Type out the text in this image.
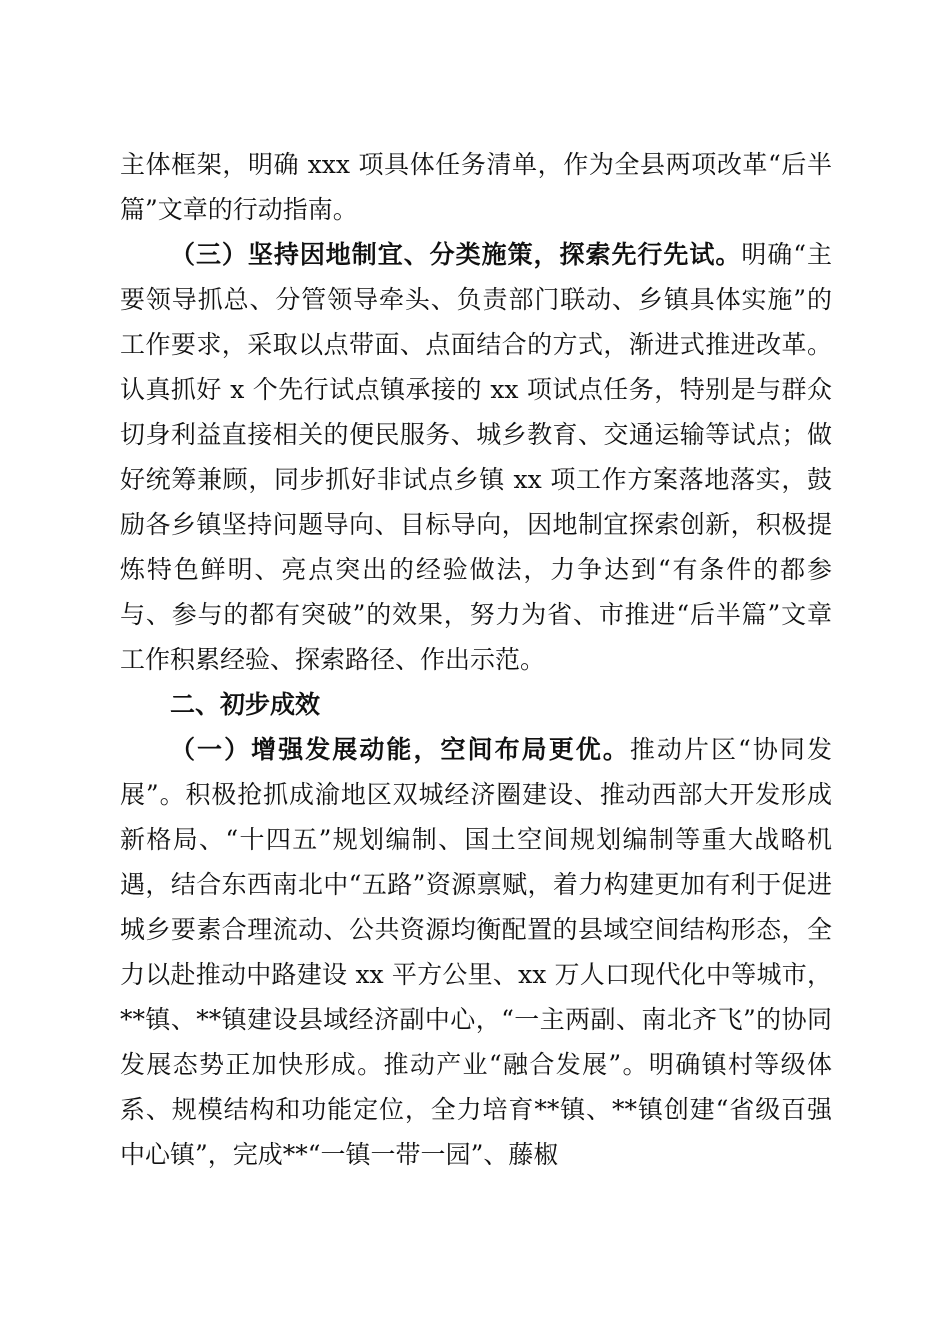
主体框架，明确 xxx 项具体任务清单，作为全县两项改革“后半篇”文章的行动指南。

（三）坚持因地制宜、分类施策，探索先行先试。明确“主要领导抓总、分管领导牵头、负责部门联动、乡镇具体实施”的工作要求，采取以点带面、点面结合的方式，渐进式推进改革。认真抓好 x 个先行试点镇承接的 xx 项试点任务，特别是与群众切身利益直接相关的便民服务、城乡教育、交通运输等试点；做好统筹兼顾，同步抓好非试点乡镇 xx 项工作方案落地落实，鼓励各乡镇坚持问题导向、目标导向，因地制宜探索创新，积极提炼特色鲜明、亮点突出的经验做法，力争达到“有条件的都参与、参与的都有突破”的效果，努力为省、市推进“后半篇”文章工作积累经验、探索路径、作出示范。

二、初步成效

（一）增强发展动能，空间布局更优。推动片区“协同发展”。积极抢抓成渝地区双城经济圈建设、推动西部大开发形成新格局、“十四五”规划编制、国土空间规划编制等重大战略机遇，结合东西南北中“五路”资源禀赋，着力构建更加有利于促进城乡要素合理流动、公共资源均衡配置的县域空间结构形态，全力以赴推动中路建设 xx 平方公里、xx 万人口现代化中等城市，**镇、**镇建设县域经济副中心，“一主两副、南北齐飞”的协同发展态势正加快形成。推动产业“融合发展”。明确镇村等级体系、规模结构和功能定位，全力培育**镇、**镇创建“省级百强中心镇”，完成**“一镇一带一园”、藤椒
